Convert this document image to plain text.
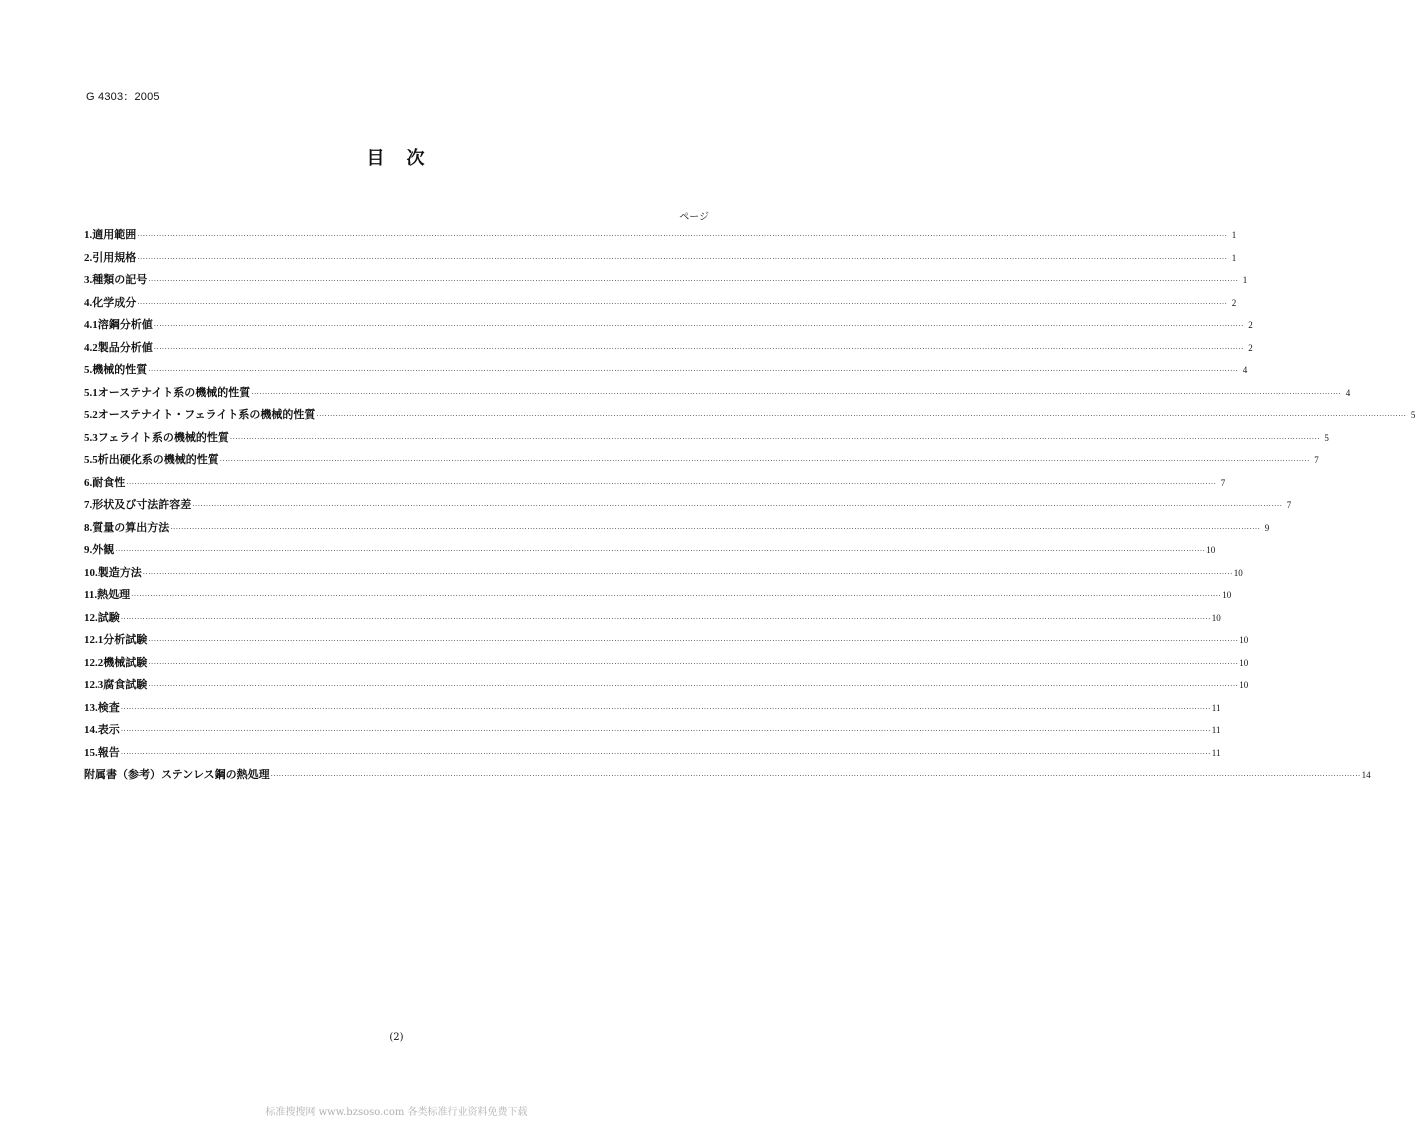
G 4303：2005
目　次
ページ
1. 適用範囲 ················································································································································································································································································································································································································ 1
2. 引用規格 ················································································································································································································································································································································································································ 1
3. 種類の記号 ················································································································································································································································································································································································································ 1
4. 化学成分 ················································································································································································································································································································································································································ 2
4.1 溶鋼分析値 ················································································································································································································································································································································································································ 2
4.2 製品分析値 ················································································································································································································································································································································································································ 2
5. 機械的性質 ················································································································································································································································································································································································································ 4
5.1 オーステナイト系の機械的性質 ················································································································································································································································································································································································································ 4
5.2 オーステナイト・フェライト系の機械的性質 ················································································································································································································································································································································································································ 5
5.3 フェライト系の機械的性質 ················································································································································································································································································································································································································ 5
5.5 析出硬化系の機械的性質 ················································································································································································································································································································································································································ 7
6. 耐食性 ················································································································································································································································································································································································································ 7
7. 形状及び寸法許容差 ················································································································································································································································································································································································································ 7
8. 質量の算出方法 ················································································································································································································································································································································································································ 9
9. 外観 ················································································································································································································································································································································································································ 10
10. 製造方法 ················································································································································································································································································································································································································ 10
11. 熱処理 ················································································································································································································································································································································································································ 10
12. 試験 ················································································································································································································································································································································································································ 10
12.1 分析試験 ················································································································································································································································································································································································································ 10
12.2 機械試験 ················································································································································································································································································································································································································ 10
12.3 腐食試験 ················································································································································································································································································································································································································ 10
13. 検査 ················································································································································································································································································································································································································ 11
14. 表示 ················································································································································································································································································································································································································ 11
15. 報告 ················································································································································································································································································································································································································ 11
附属書（参考）ステンレス鋼の熱処理 ················································································································································································································································································································································································································ 14
(2)
标准搜搜网 www.bzsoso.com 各类标准行业资料免费下载
